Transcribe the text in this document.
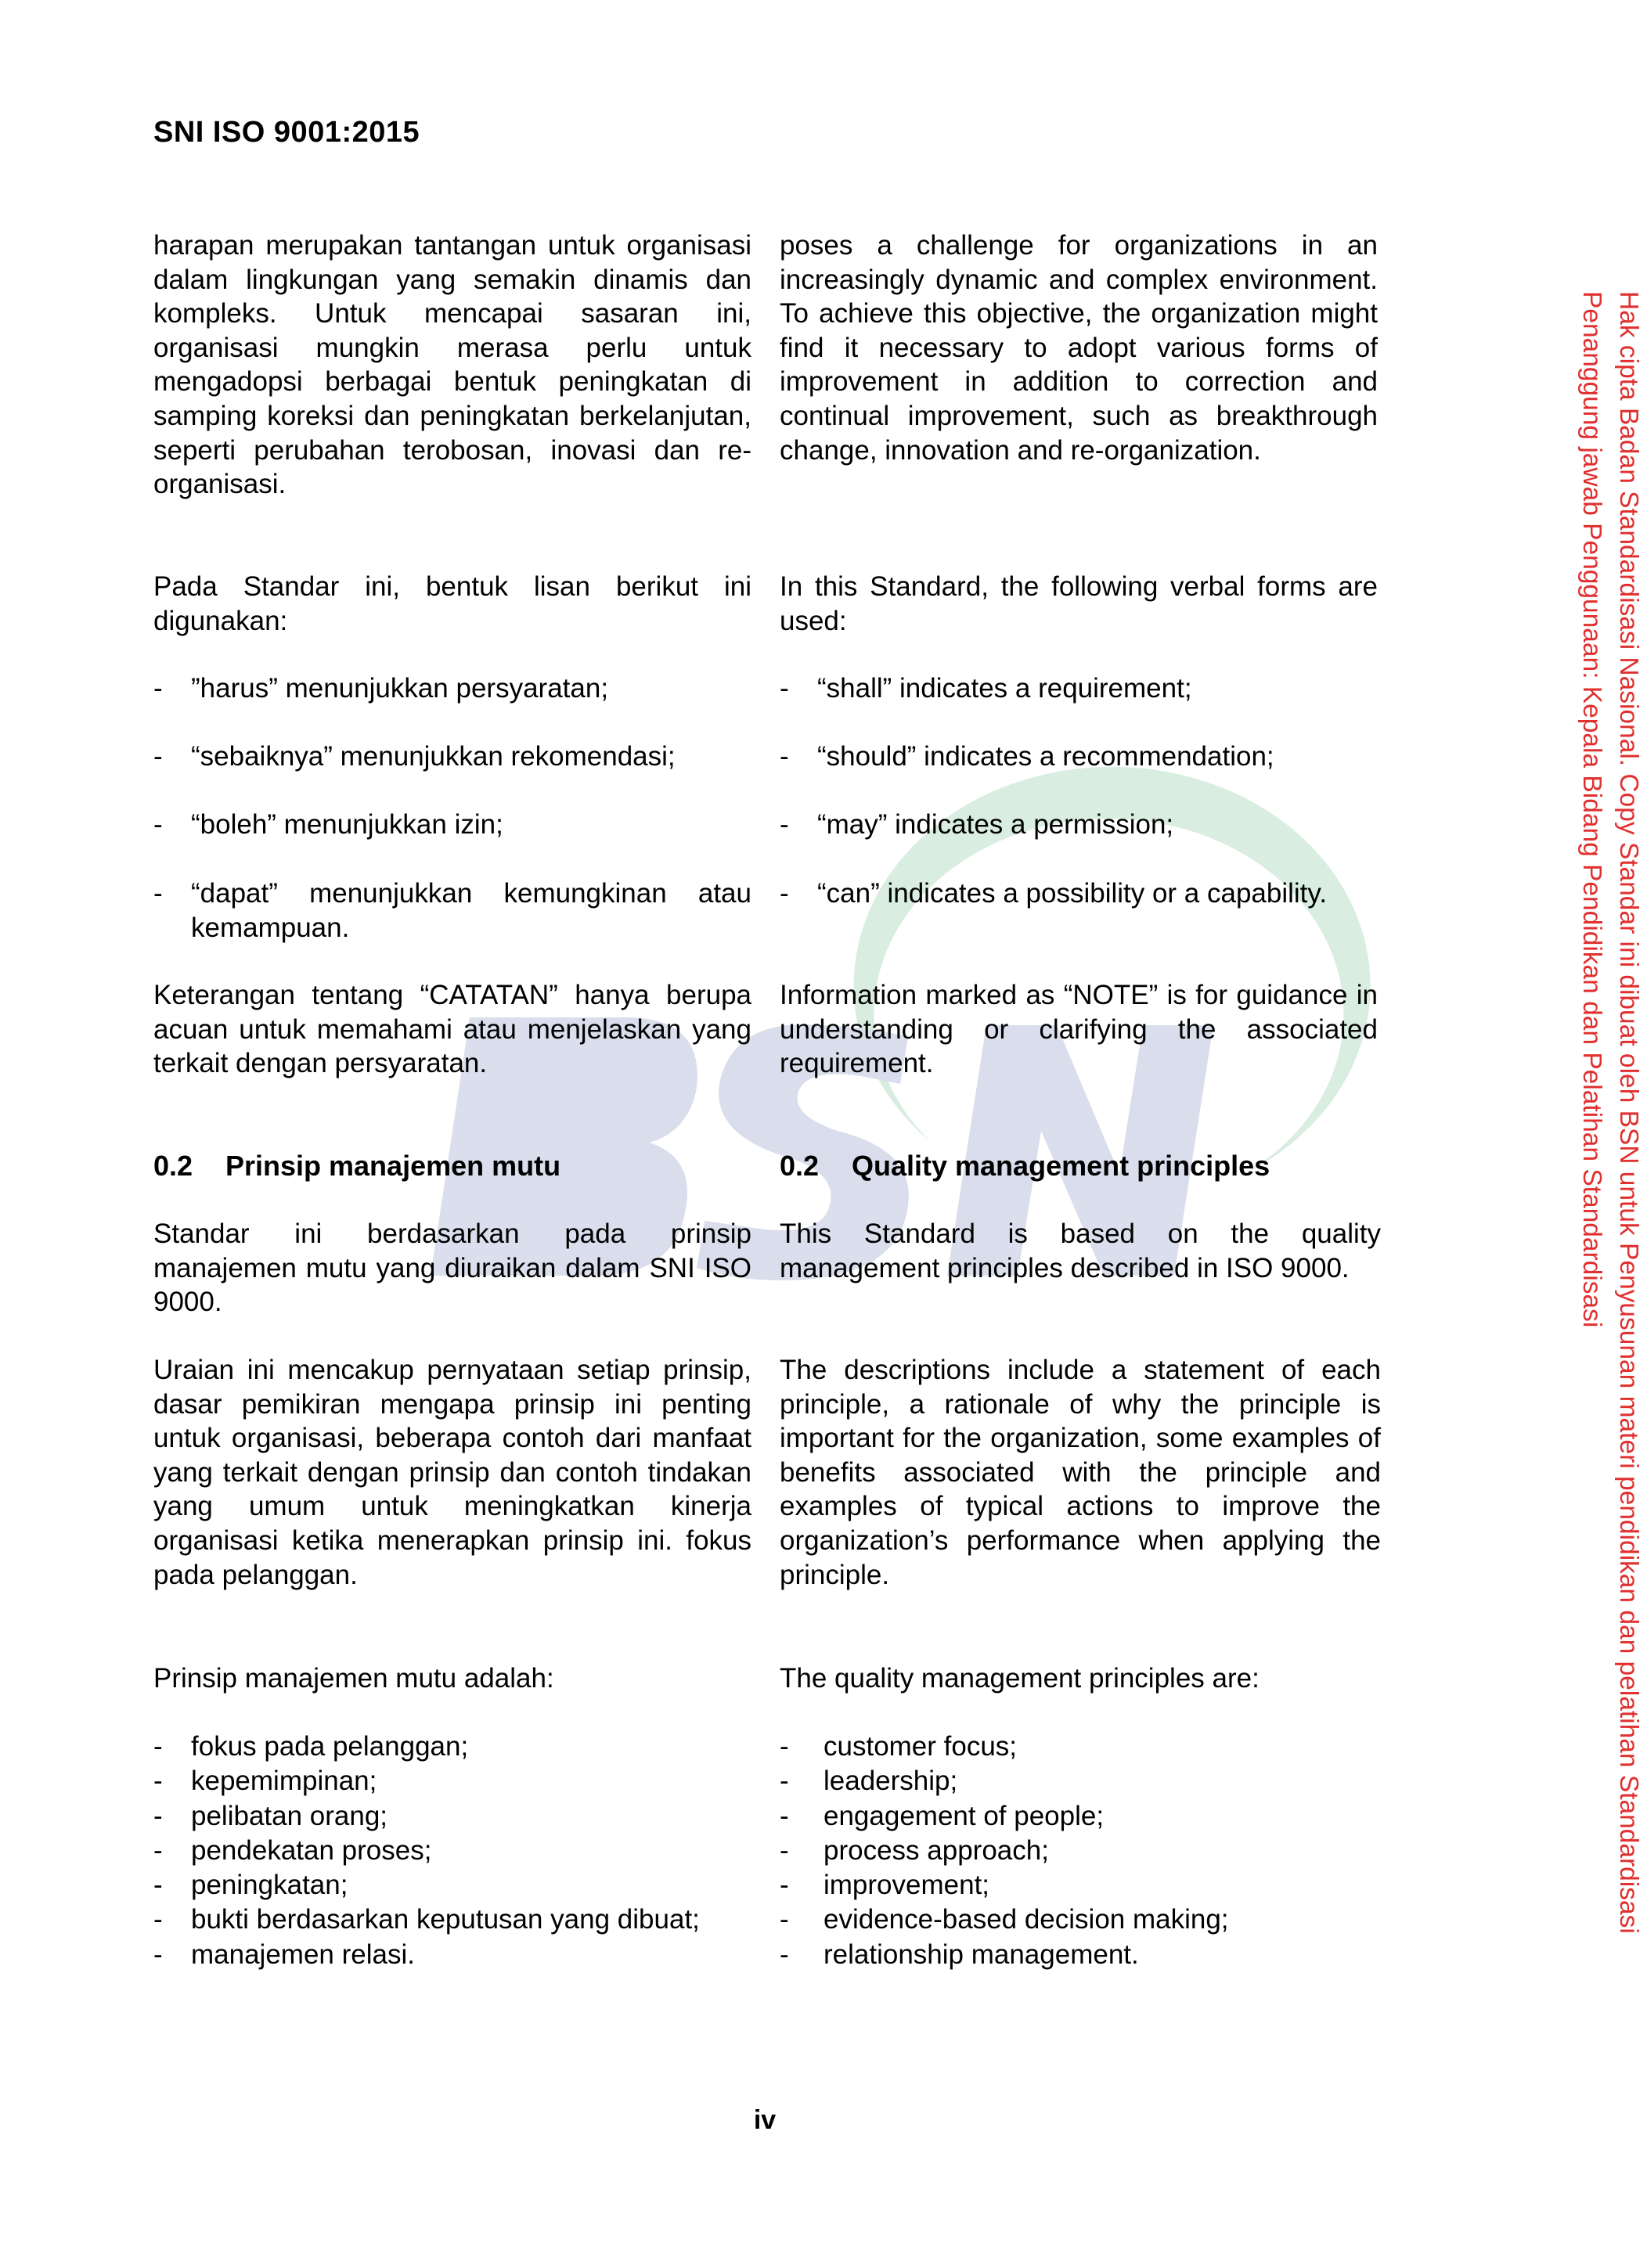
SNI ISO 9001:2015
Hak cipta Badan Standardisasi Nasional. Copy Standar ini dibuat oleh BSN untuk Penyusunan materi pendidikan dan pelatihan Standardisasi
Penanggung jawab Penggunaan: Kepala Bidang Pendidikan dan Pelatihan Standardisasi
harapan merupakan tantangan untuk organisasi dalam lingkungan yang semakin dinamis dan kompleks. Untuk mencapai sasaran ini, organisasi mungkin merasa perlu untuk mengadopsi berbagai bentuk peningkatan di samping koreksi dan peningkatan berkelanjutan, seperti perubahan terobosan, inovasi dan re-organisasi.
Pada Standar ini, bentuk lisan berikut ini digunakan:
-	”harus” menunjukkan persyaratan;
-	“sebaiknya” menunjukkan rekomendasi;
-	“boleh” menunjukkan izin;
-	“dapat” menunjukkan kemungkinan atau kemampuan.
Keterangan tentang “CATATAN” hanya berupa acuan untuk memahami atau menjelaskan yang terkait dengan persyaratan.
0.2 Prinsip manajemen mutu
Standar ini berdasarkan pada prinsip manajemen mutu yang diuraikan dalam SNI ISO 9000.
Uraian ini mencakup pernyataan setiap prinsip, dasar pemikiran mengapa prinsip ini penting untuk organisasi, beberapa contoh dari manfaat yang terkait dengan prinsip dan contoh tindakan yang umum untuk meningkatkan kinerja organisasi ketika menerapkan prinsip ini. fokus pada pelanggan.
Prinsip manajemen mutu adalah:
-	fokus pada pelanggan;
-	kepemimpinan;
-	pelibatan orang;
-	pendekatan proses;
-	peningkatan;
-	bukti berdasarkan keputusan yang dibuat;
-	manajemen relasi.
poses a challenge for organizations in an increasingly dynamic and complex environment. To achieve this objective, the organization might find it necessary to adopt various forms of improvement in addition to correction and continual improvement, such as breakthrough change, innovation and re-organization.
In this Standard, the following verbal forms are used:
-	“shall” indicates a requirement;
-	“should” indicates a recommendation;
-	“may” indicates a permission;
-	“can” indicates a possibility or a capability.
Information marked as “NOTE” is for guidance in understanding or clarifying the associated requirement.
0.2 Quality management principles
This Standard is based on the quality management principles described in ISO 9000.
The descriptions include a statement of each principle, a rationale of why the principle is important for the organization, some examples of benefits associated with the principle and examples of typical actions to improve the organization’s performance when applying the principle.
The quality management principles are:
-	customer focus;
-	leadership;
-	engagement of people;
-	process approach;
-	improvement;
-	evidence-based decision making;
-	relationship management.
iv
